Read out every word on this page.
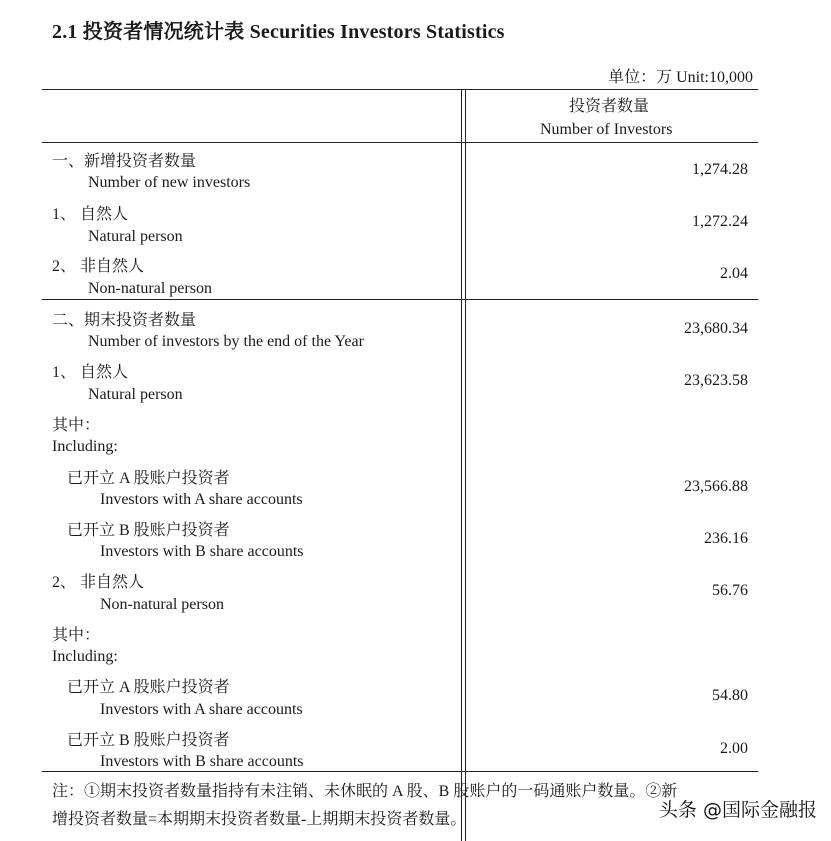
2.1 投资者情况统计表 Securities Investors Statistics
单位：万 Unit:10,000
投资者数量
Number of Investors
一、新增投资者数量
Number of new investors
1,274.28
1、 自然人
Natural person
1,272.24
2、 非自然人
Non-natural person
2.04
二、期末投资者数量
Number of investors by the end of the Year
23,680.34
1、 自然人
Natural person
23,623.58
其中：
Including:
已开立 A 股账户投资者
Investors with A share accounts
23,566.88
已开立 B 股账户投资者
Investors with B share accounts
236.16
2、 非自然人
Non-natural person
56.76
其中：
Including:
已开立 A 股账户投资者
Investors with A share accounts
54.80
已开立 B 股账户投资者
Investors with B share accounts
2.00
注：①期末投资者数量指持有未注销、未休眠的 A 股、B 股账户的一码通账户数量。②新
增投资者数量=本期期末投资者数量-上期期末投资者数量。	头条 @国际金融报
